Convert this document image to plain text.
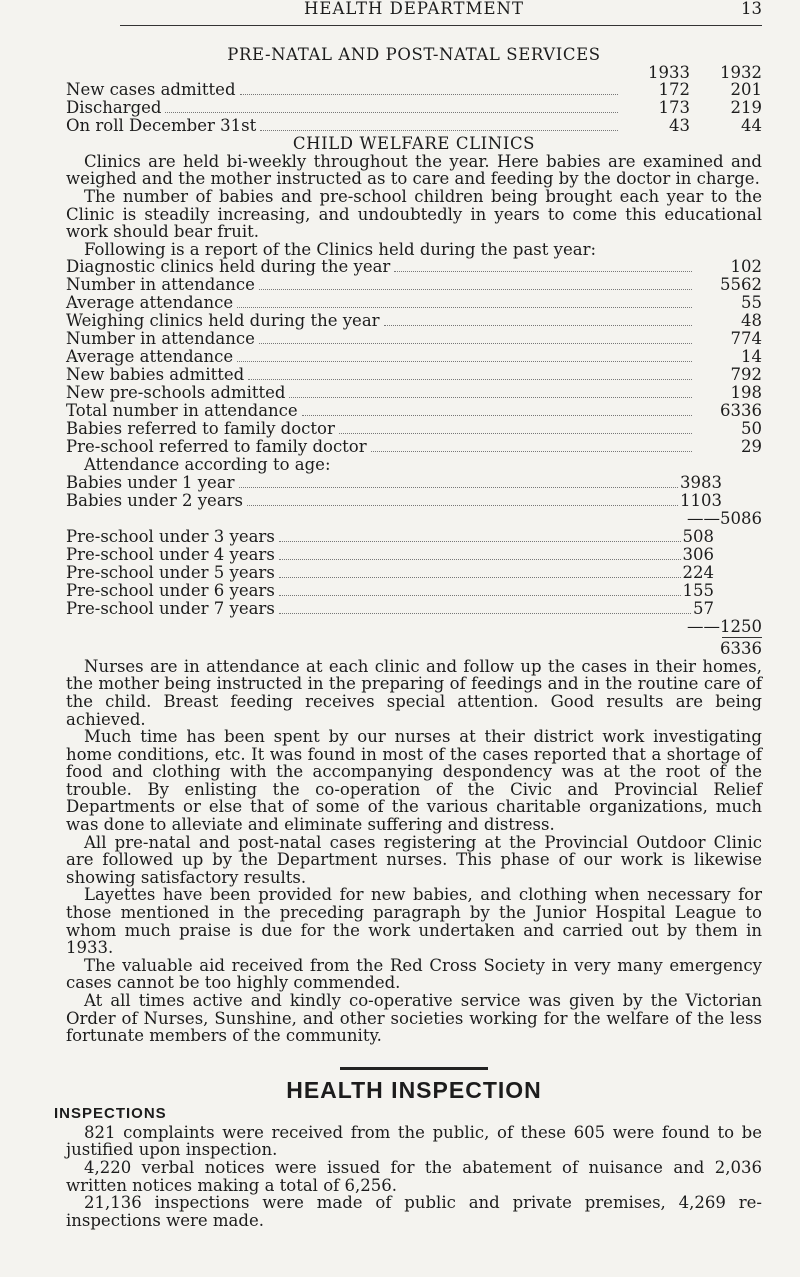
HEALTH DEPARTMENT	13
PRE-NATAL AND POST-NATAL SERVICES
1933	1932
New cases admitted	172	201
Discharged	173	219
On roll December 31st	43	44
CHILD WELFARE CLINICS

Clinics are held bi-weekly throughout the year. Here babies are examined and weighed and the mother instructed as to care and feeding by the doctor in charge.

The number of babies and pre-school children being brought each year to the Clinic is steadily increasing, and undoubtedly in years to come this educational work should bear fruit.

Following is a report of the Clinics held during the past year:

Diagnostic clinics held during the year	102
Number in attendance	5562
Average attendance	55
Weighing clinics held during the year	48
Number in attendance	774
Average attendance	14
New babies admitted	792
New pre-schools admitted	198
Total number in attendance	6336
Babies referred to family doctor	50
Pre-school referred to family doctor	29
Attendance according to age:
Babies under 1 year	3983
Babies under 2 years	1103
——5086
Pre-school under 3 years	508
Pre-school under 4 years	306
Pre-school under 5 years	224
Pre-school under 6 years	155
Pre-school under 7 years	57
——1250
6336

Nurses are in attendance at each clinic and follow up the cases in their homes, the mother being instructed in the preparing of feedings and in the routine care of the child. Breast feeding receives special attention. Good results are being achieved.

Much time has been spent by our nurses at their district work investigating home conditions, etc. It was found in most of the cases reported that a shortage of food and clothing with the accompanying despondency was at the root of the trouble. By enlisting the co-operation of the Civic and Provincial Relief Departments or else that of some of the various charitable organizations, much was done to alleviate and eliminate suffering and distress.

All pre-natal and post-natal cases registering at the Provincial Outdoor Clinic are followed up by the Department nurses. This phase of our work is likewise showing satisfactory results.

Layettes have been provided for new babies, and clothing when necessary for those mentioned in the preceding paragraph by the Junior Hospital League to whom much praise is due for the work undertaken and carried out by them in 1933.

The valuable aid received from the Red Cross Society in very many emergency cases cannot be too highly commended.

At all times active and kindly co-operative service was given by the Victorian Order of Nurses, Sunshine, and other societies working for the welfare of the less fortunate members of the community.

HEALTH INSPECTION
INSPECTIONS

821 complaints were received from the public, of these 605 were found to be justified upon inspection.

4,220 verbal notices were issued for the abatement of nuisance and 2,036 written notices making a total of 6,256.

21,136 inspections were made of public and private premises, 4,269 re-inspections were made.
